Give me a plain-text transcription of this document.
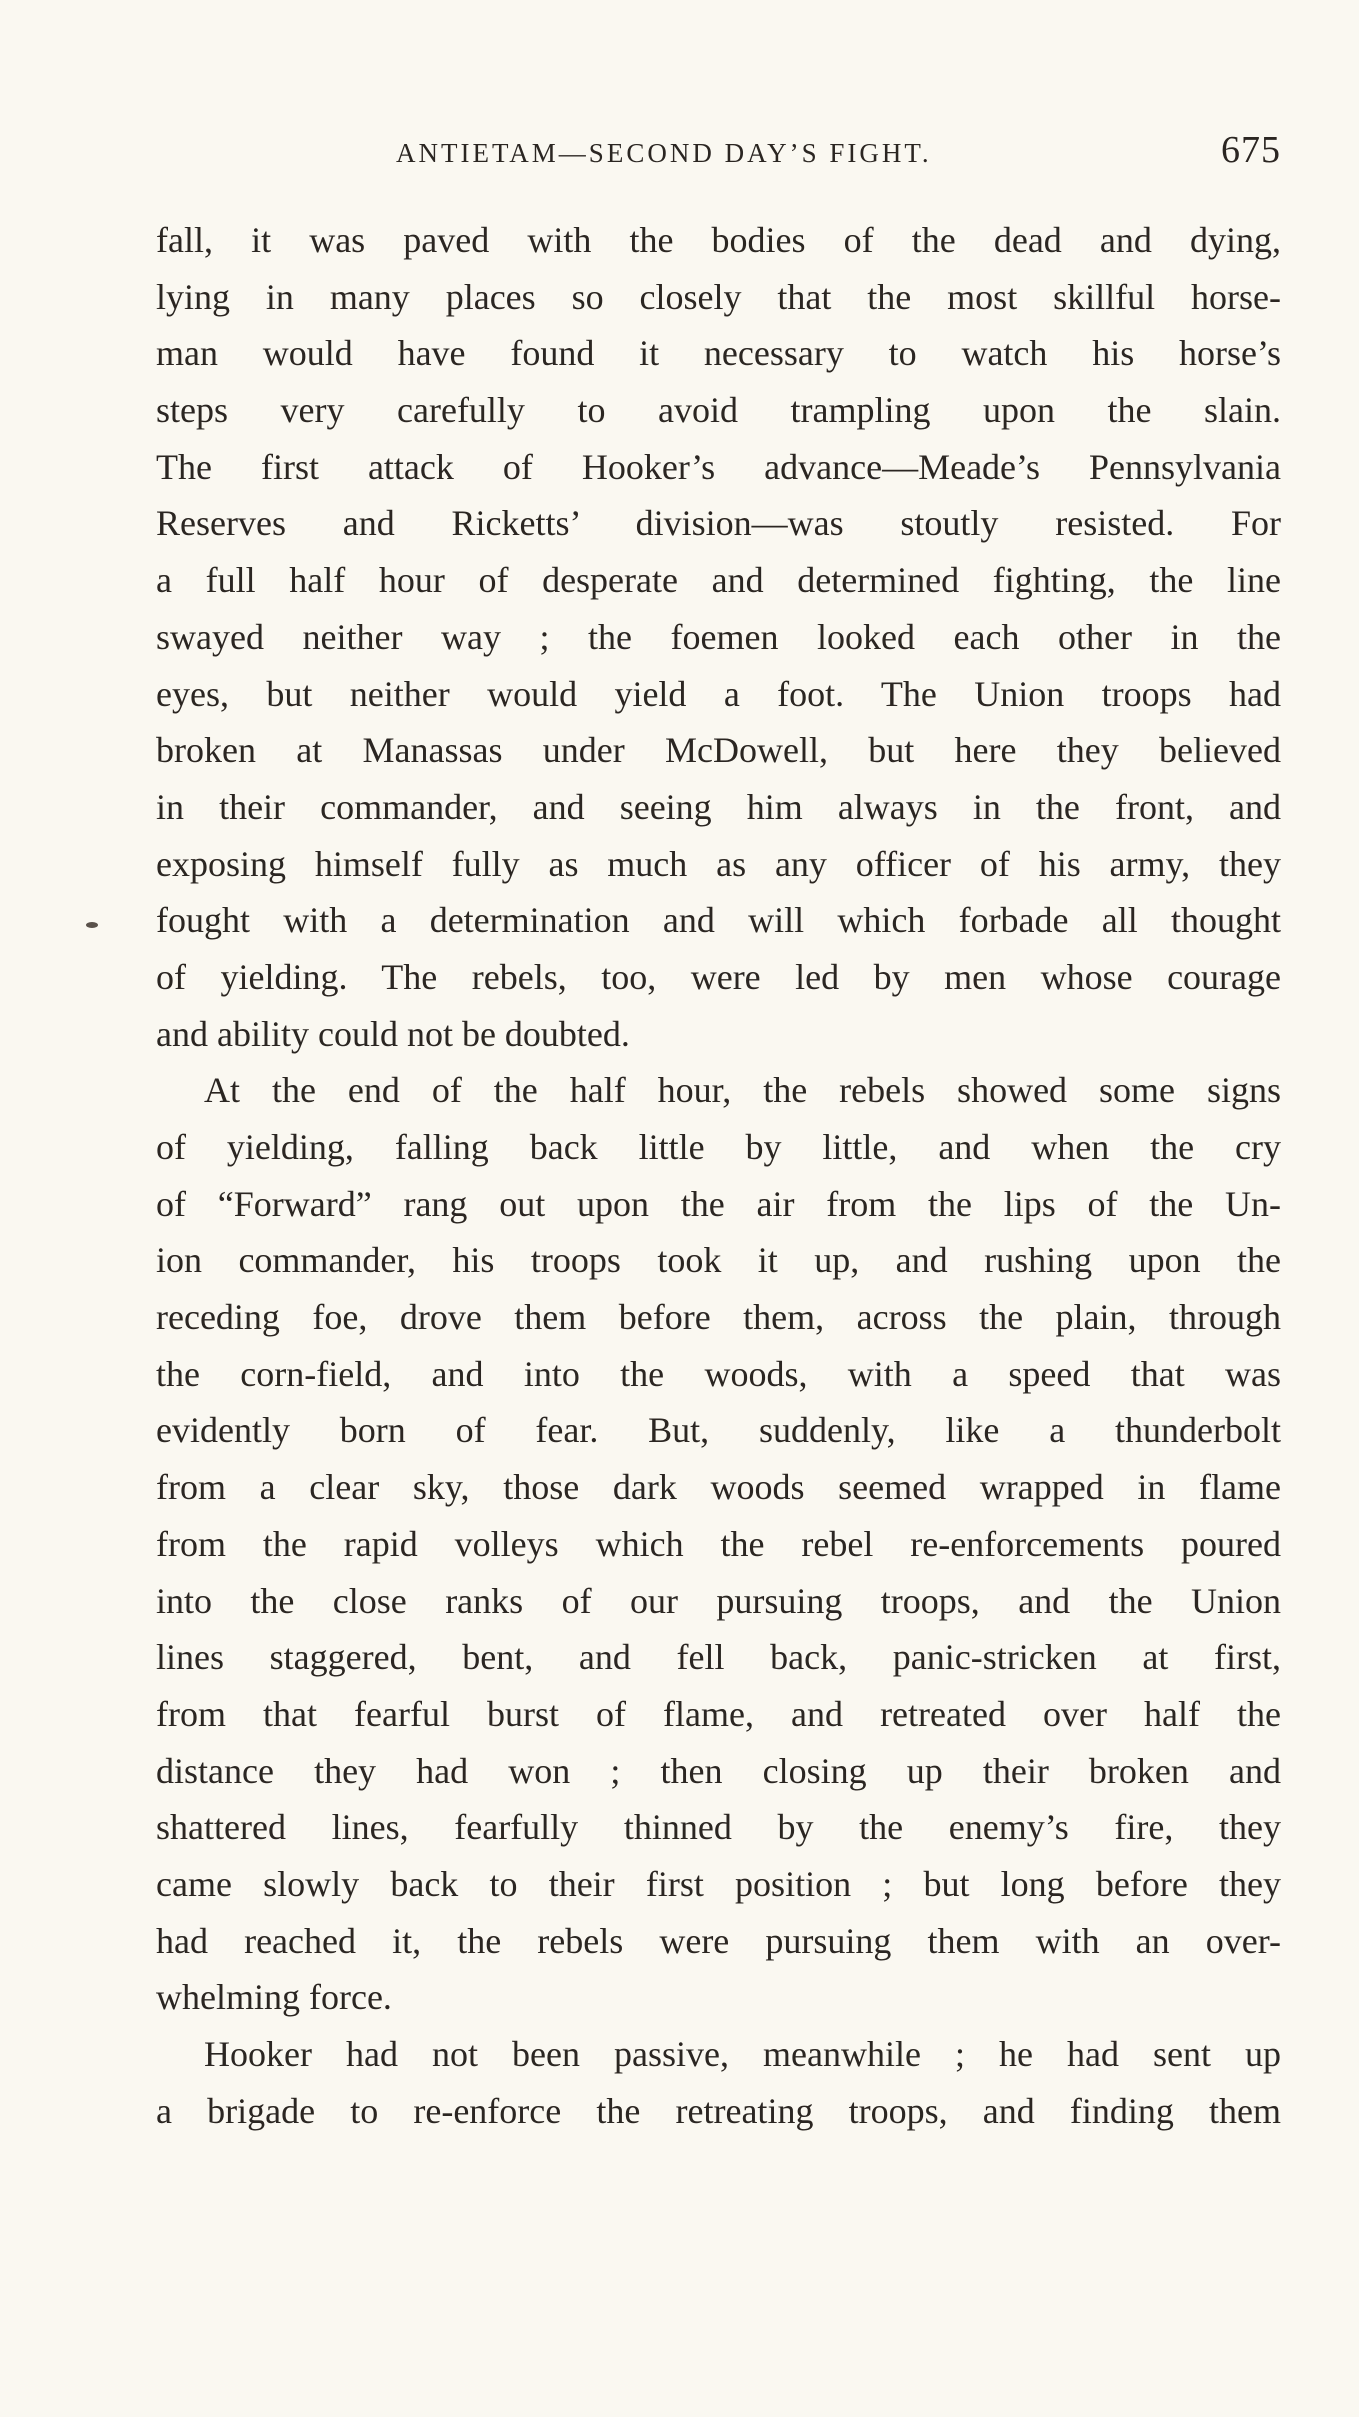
ANTIETAM—SECOND DAY’S FIGHT.	675
fall, it was paved with the bodies of the dead and dying,
lying in many places so closely that the most skillful horse-
man would have found it necessary to watch his horse’s
steps very carefully to avoid trampling upon the slain.
The first attack of Hooker’s advance—Meade’s Pennsylvania
Reserves and Ricketts’ division—was stoutly resisted. For
a full half hour of desperate and determined fighting, the line
swayed neither way ; the foemen looked each other in the
eyes, but neither would yield a foot. The Union troops had
broken at Manassas under McDowell, but here they believed
in their commander, and seeing him always in the front, and
exposing himself fully as much as any officer of his army, they
fought with a determination and will which forbade all thought
of yielding. The rebels, too, were led by men whose courage
and ability could not be doubted.
At the end of the half hour, the rebels showed some signs
of yielding, falling back little by little, and when the cry
of “Forward” rang out upon the air from the lips of the Un-
ion commander, his troops took it up, and rushing upon the
receding foe, drove them before them, across the plain, through
the corn-field, and into the woods, with a speed that was
evidently born of fear. But, suddenly, like a thunderbolt
from a clear sky, those dark woods seemed wrapped in flame
from the rapid volleys which the rebel re-enforcements poured
into the close ranks of our pursuing troops, and the Union
lines staggered, bent, and fell back, panic-stricken at first,
from that fearful burst of flame, and retreated over half the
distance they had won ; then closing up their broken and
shattered lines, fearfully thinned by the enemy’s fire, they
came slowly back to their first position ; but long before they
had reached it, the rebels were pursuing them with an over-
whelming force.
Hooker had not been passive, meanwhile ; he had sent up
a brigade to re-enforce the retreating troops, and finding them
